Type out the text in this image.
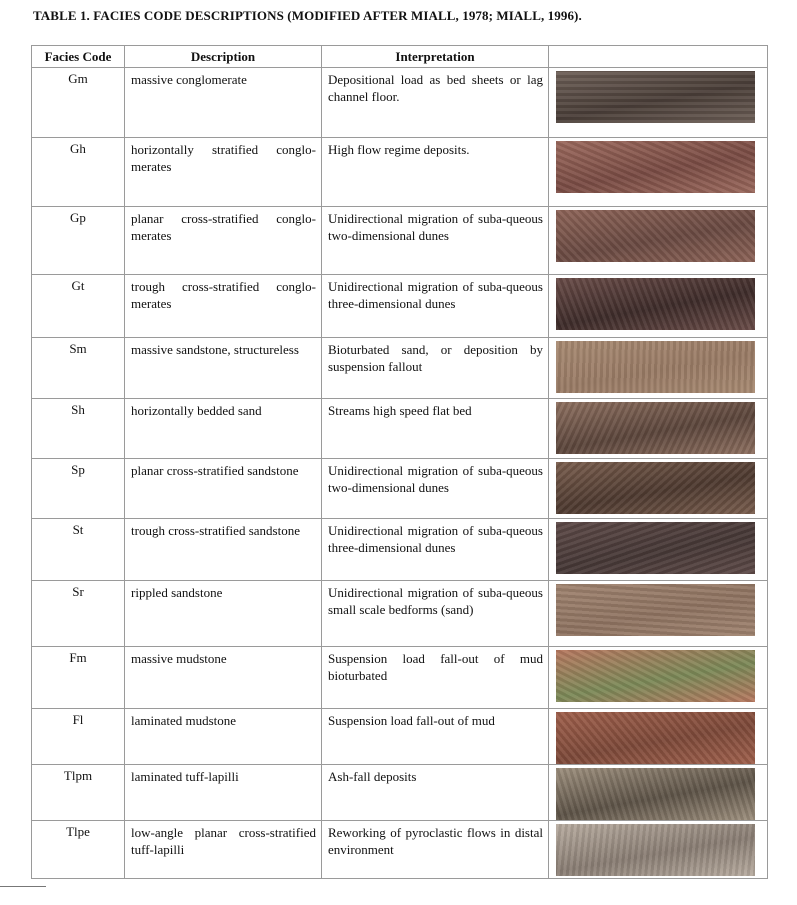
TABLE 1. FACIES CODE DESCRIPTIONS (MODIFIED AFTER MIALL, 1978; MIALL, 1996).
Facies Code	Description	Interpretation	
Gm	massive conglomerate	Depositional load as bed sheets or lag channel floor.	

Gh	horizontally stratified conglo-merates	High flow regime deposits.	

Gp	planar cross-stratified conglo-merates	Unidirectional migration of suba-queous two-dimensional dunes	

Gt	trough cross-stratified conglo-merates	Unidirectional migration of suba-queous three-dimensional dunes	

Sm	massive sandstone, structureless	Bioturbated sand, or deposition by suspension fallout	

Sh	horizontally bedded sand	Streams high speed flat bed	

Sp	planar cross-stratified sandstone	Unidirectional migration of suba-queous two-dimensional dunes	

St	trough cross-stratified sandstone	Unidirectional migration of suba-queous three-dimensional dunes	

Sr	rippled sandstone	Unidirectional migration of suba-queous small scale bedforms (sand)	

Fm	massive mudstone	Suspension load fall-out of mud bioturbated	

Fl	laminated mudstone	Suspension load fall-out of mud	

Tlpm	laminated tuff-lapilli	Ash-fall deposits	

Tlpe	low-angle planar cross-stratified tuff-lapilli	Reworking of pyroclastic flows in distal environment	
